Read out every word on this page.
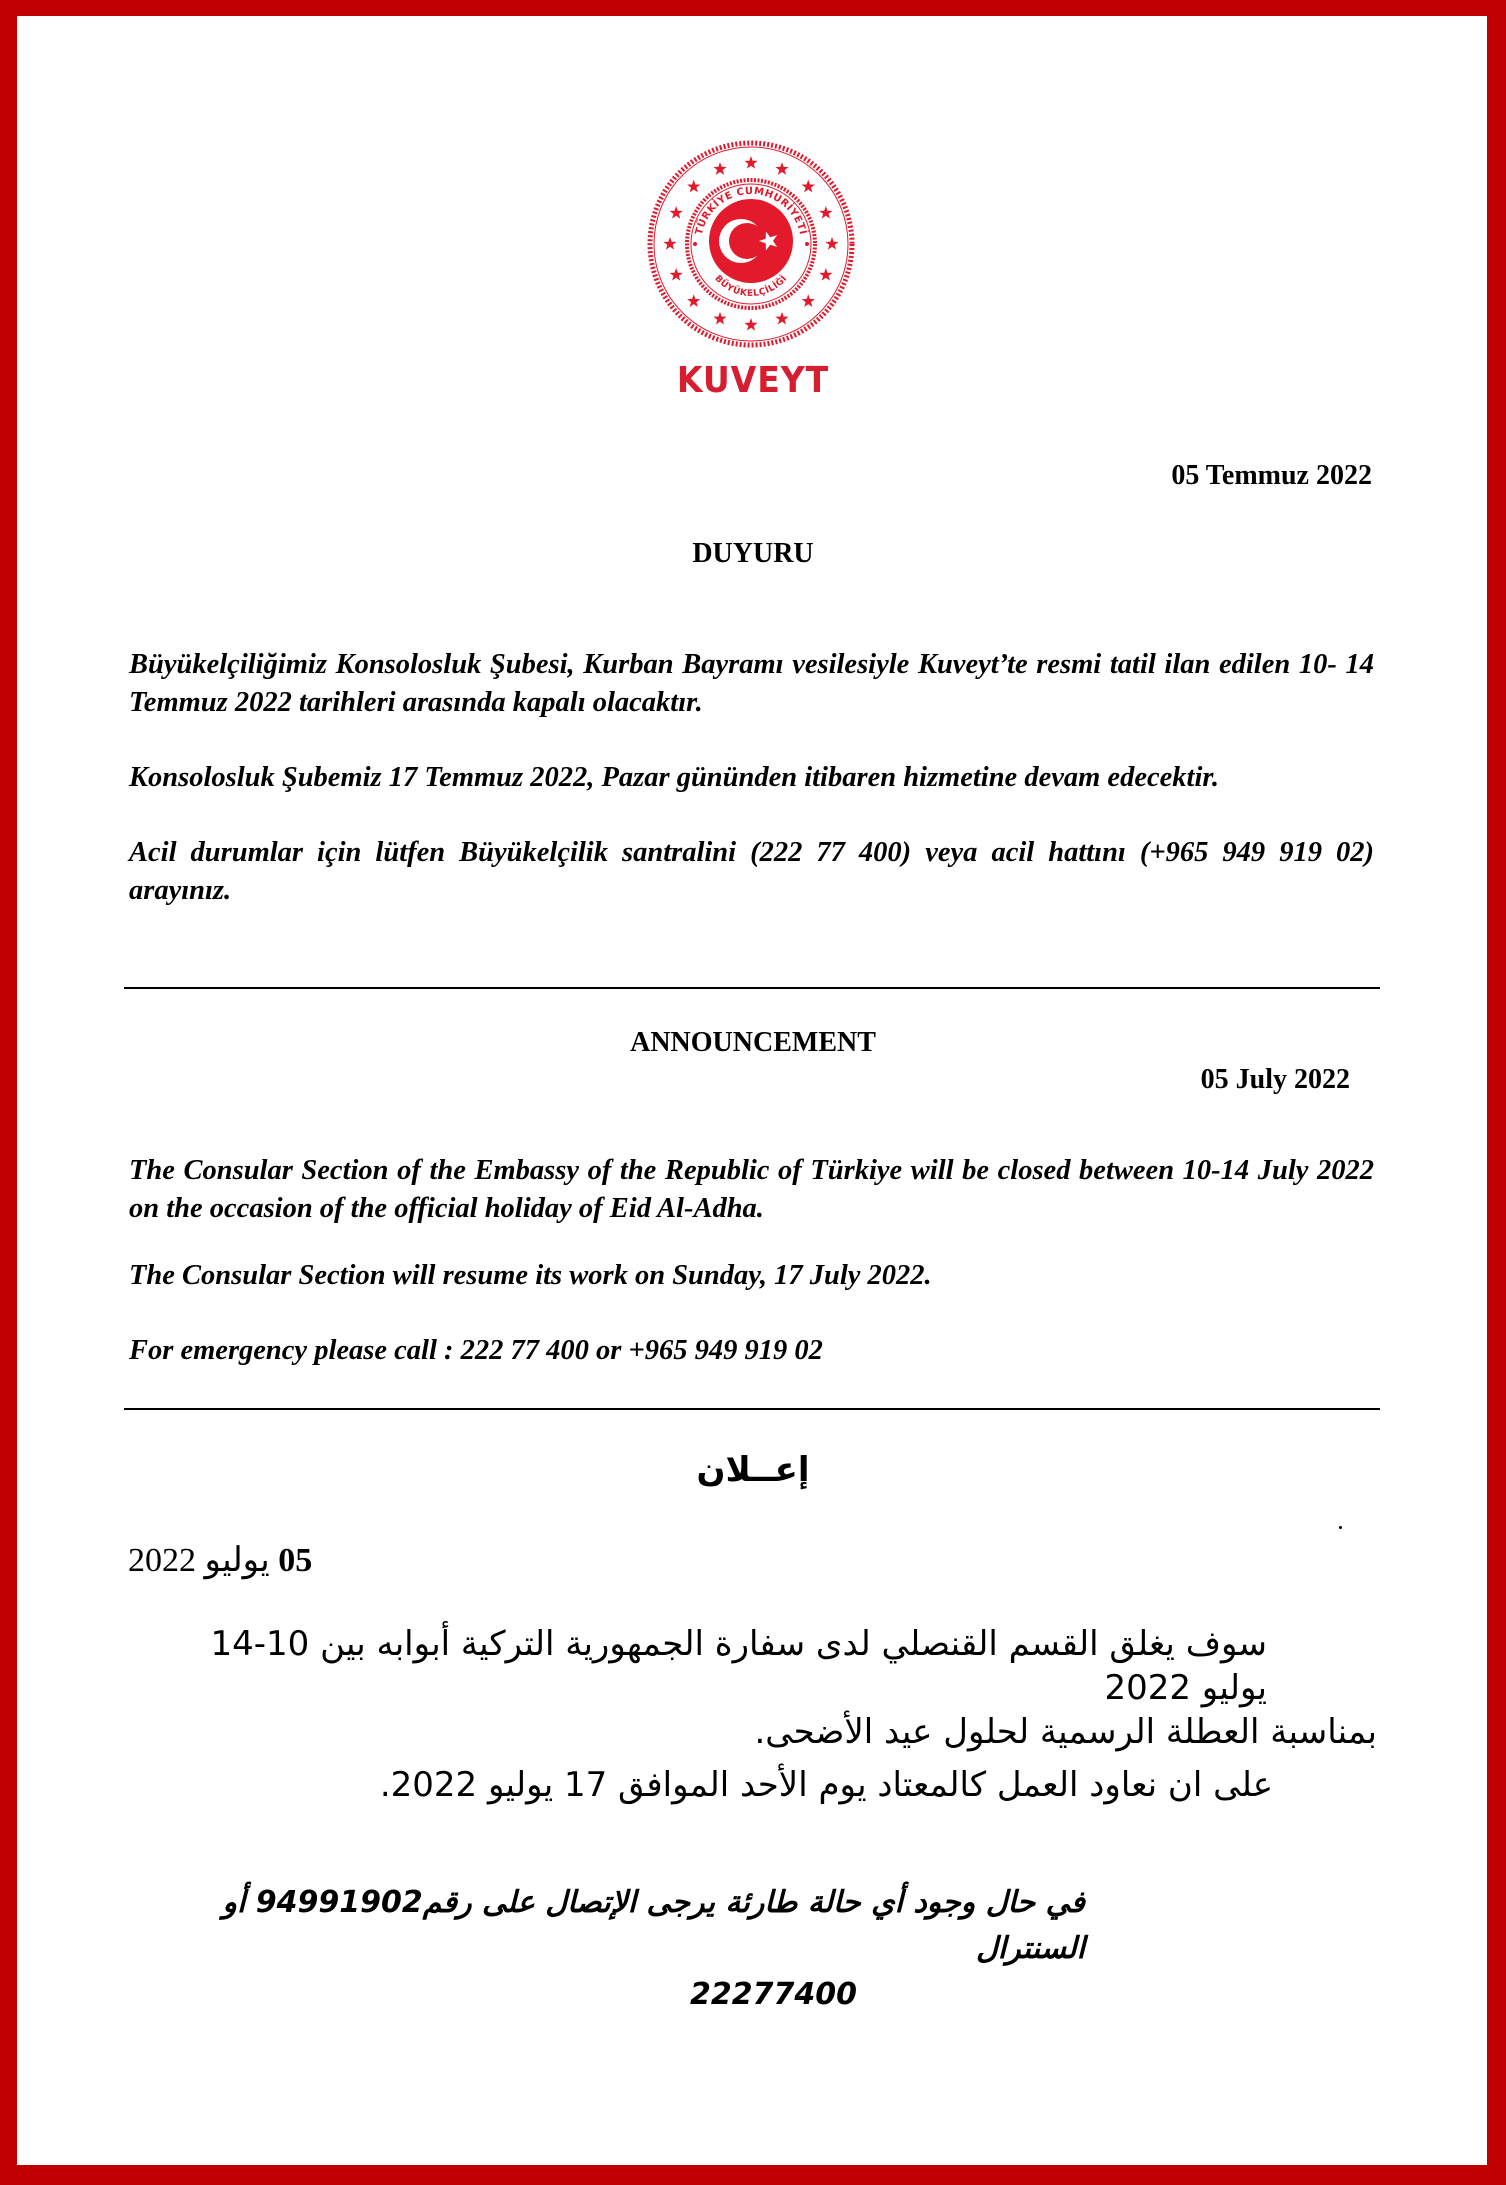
TÜRKİYE CUMHURİYETİ
BÜYÜKELÇİLİĞİ
KUVEYT
05 Temmuz 2022
DUYURU
Büyükelçiliğimiz Konsolosluk Şubesi, Kurban Bayramı vesilesiyle Kuveyt’te resmi tatil ilan edilen 10- 14 Temmuz 2022 tarihleri arasında kapalı olacaktır.
Konsolosluk Şubemiz 17 Temmuz 2022, Pazar gününden itibaren hizmetine devam edecektir.
Acil durumlar için lütfen Büyükelçilik santralini (222 77 400) veya acil hattını (+965 949 919 02) arayınız.
ANNOUNCEMENT
05 July 2022
The Consular Section of the Embassy of the Republic of Türkiye will be closed between 10-14 July 2022 on the occasion of the official holiday of Eid Al-Adha.
The Consular Section will resume its work on Sunday, 17 July 2022.
For emergency please call : 222 77 400 or +965 949 919 02
إعــلان
05 يوليو 2022
سوف يغلق القسم القنصلي لدى سفارة الجمهورية التركية أبوابه بين 10-14 يوليو 2022
بمناسبة العطلة الرسمية لحلول عيد الأضحى.
على ان نعاود العمل كالمعتاد يوم الأحد الموافق 17 يوليو 2022.
في حال وجود أي حالة طارئة يرجى الإتصال على رقم94991902 أو السنترال
22277400
